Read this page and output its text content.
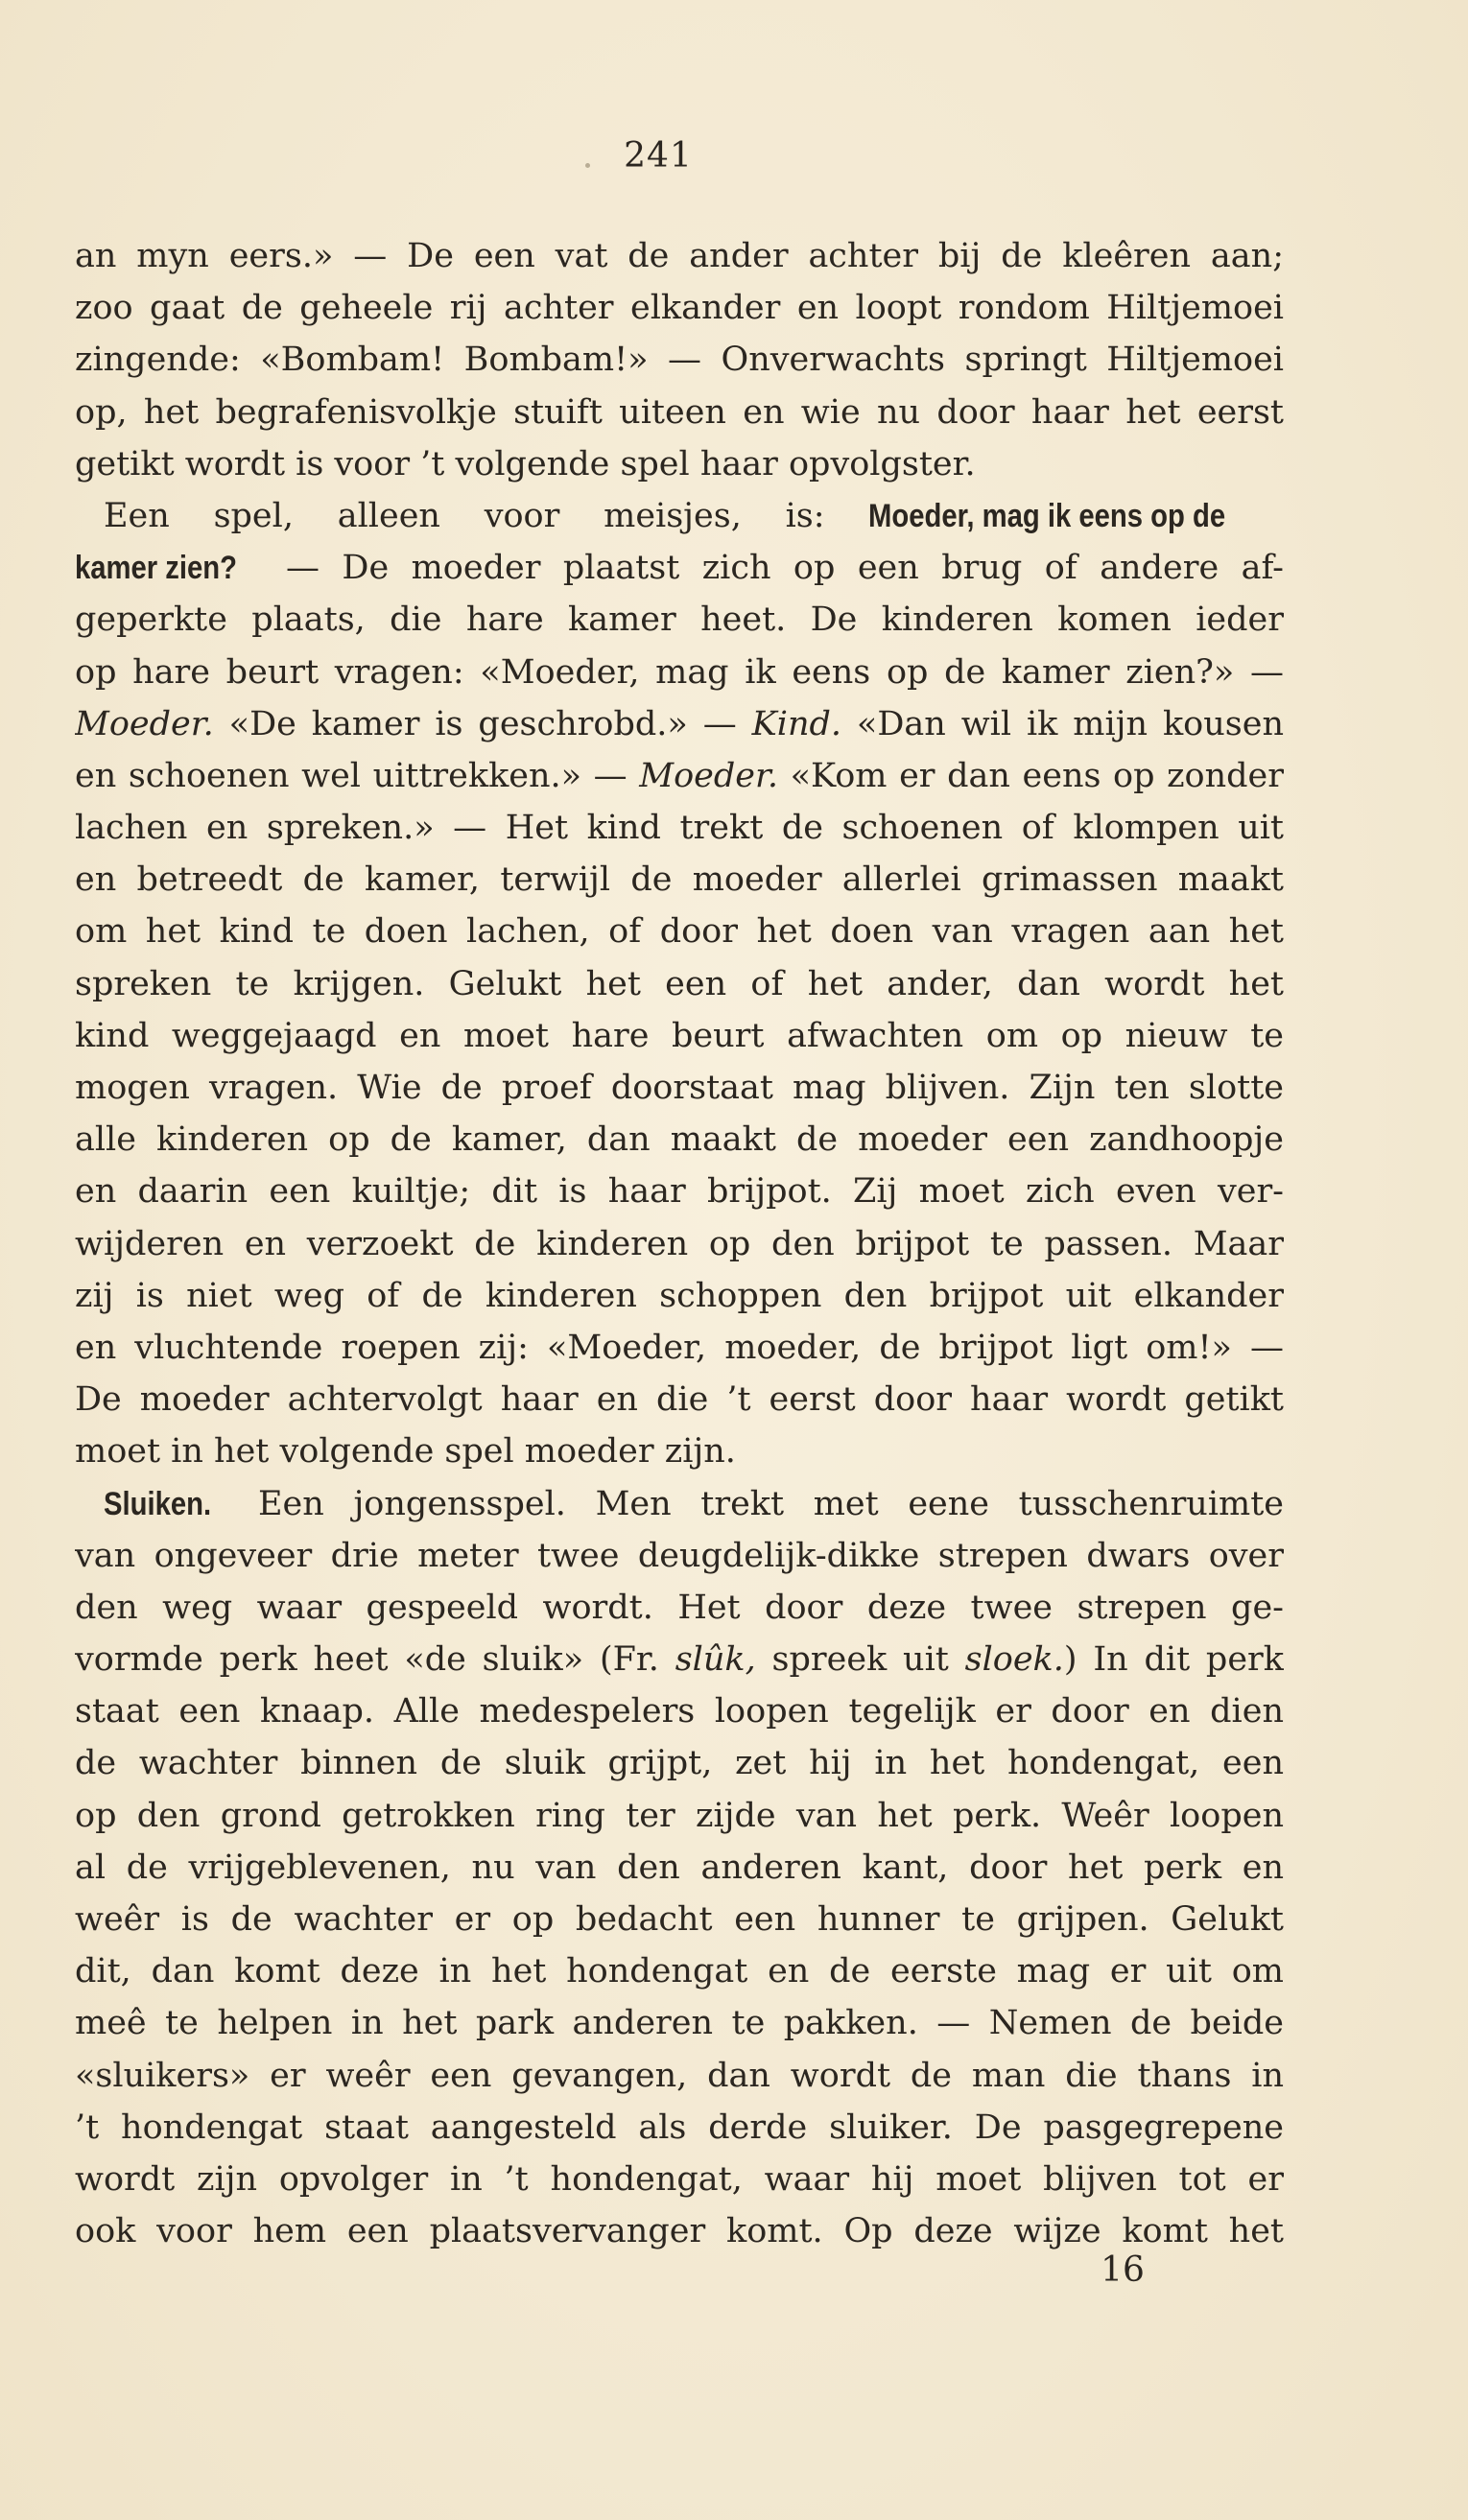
241
an myn eers.» — De een vat de ander achter bij de kleêren aan;
zoo gaat de geheele rij achter elkander en loopt rondom Hiltjemoei
zingende: «Bombam! Bombam!» — Onverwachts springt Hiltjemoei
op, het begrafenisvolkje stuift uiteen en wie nu door haar het eerst
getikt wordt is voor ’t volgende spel haar opvolgster.
Een spel, alleen voor meisjes, is: Moeder, mag ik eens op de
kamer zien? — De moeder plaatst zich op een brug of andere af-
geperkte plaats, die hare kamer heet. De kinderen komen ieder
op hare beurt vragen: «Moeder, mag ik eens op de kamer zien?» —
Moeder. «De kamer is geschrobd.» — Kind. «Dan wil ik mijn kousen
en schoenen wel uittrekken.» — Moeder. «Kom er dan eens op zonder
lachen en spreken.» — Het kind trekt de schoenen of klompen uit
en betreedt de kamer, terwijl de moeder allerlei grimassen maakt
om het kind te doen lachen, of door het doen van vragen aan het
spreken te krijgen. Gelukt het een of het ander, dan wordt het
kind weggejaagd en moet hare beurt afwachten om op nieuw te
mogen vragen. Wie de proef doorstaat mag blijven. Zijn ten slotte
alle kinderen op de kamer, dan maakt de moeder een zandhoopje
en daarin een kuiltje; dit is haar brijpot. Zij moet zich even ver-
wijderen en verzoekt de kinderen op den brijpot te passen. Maar
zij is niet weg of de kinderen schoppen den brijpot uit elkander
en vluchtende roepen zij: «Moeder, moeder, de brijpot ligt om!» —
De moeder achtervolgt haar en die ’t eerst door haar wordt getikt
moet in het volgende spel moeder zijn.
Sluiken. Een jongensspel. Men trekt met eene tusschenruimte
van ongeveer drie meter twee deugdelijk-dikke strepen dwars over
den weg waar gespeeld wordt. Het door deze twee strepen ge-
vormde perk heet «de sluik» (Fr. slûk, spreek uit sloek.) In dit perk
staat een knaap. Alle medespelers loopen tegelijk er door en dien
de wachter binnen de sluik grijpt, zet hij in het hondengat, een
op den grond getrokken ring ter zijde van het perk. Weêr loopen
al de vrijgeblevenen, nu van den anderen kant, door het perk en
weêr is de wachter er op bedacht een hunner te grijpen. Gelukt
dit, dan komt deze in het hondengat en de eerste mag er uit om
meê te helpen in het park anderen te pakken. — Nemen de beide
«sluikers» er weêr een gevangen, dan wordt de man die thans in
’t hondengat staat aangesteld als derde sluiker. De pasgegrepene
wordt zijn opvolger in ’t hondengat, waar hij moet blijven tot er
ook voor hem een plaatsvervanger komt. Op deze wijze komt het
16
